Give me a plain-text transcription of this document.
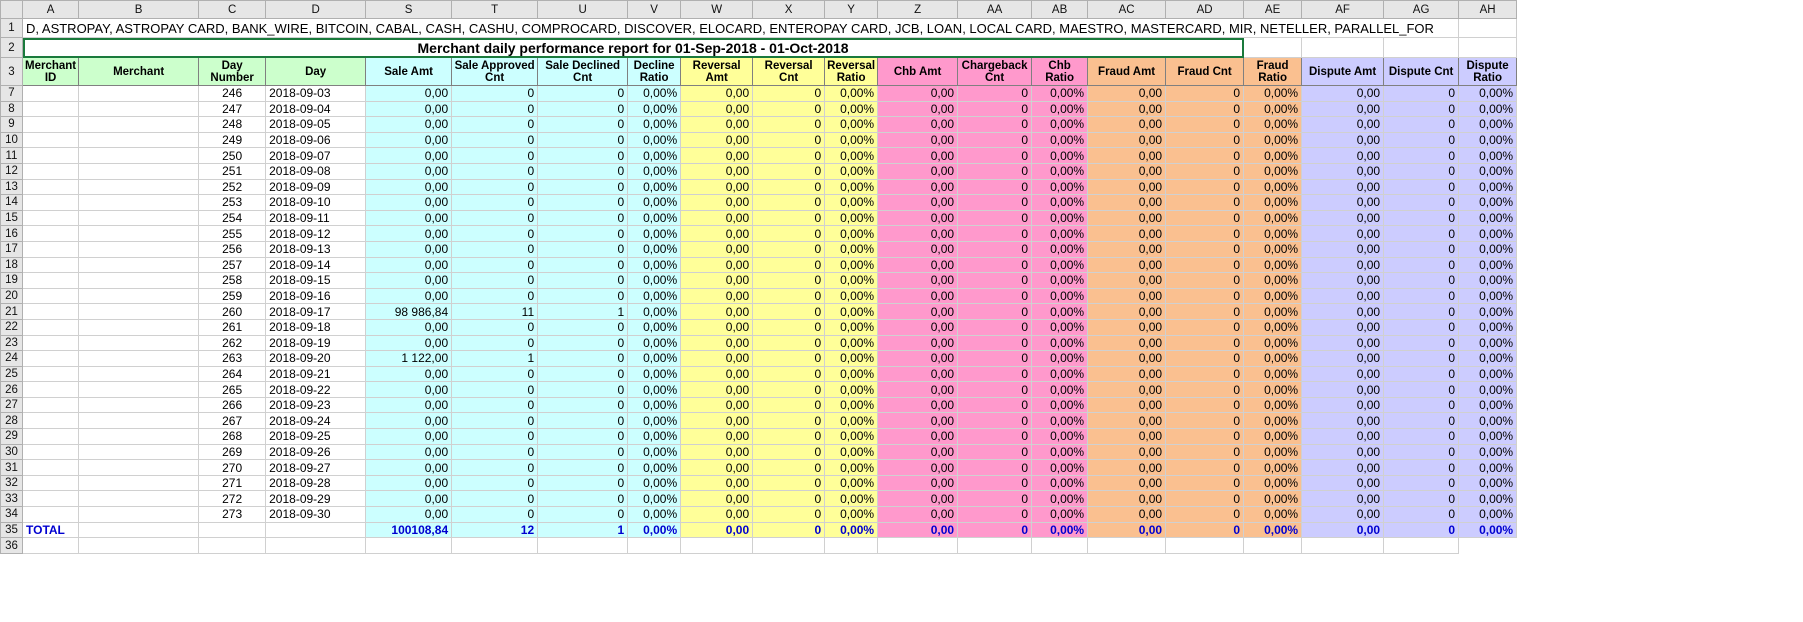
	A	B	C	D	S	T	U	V	W	X	Y	Z	AA	AB	AC	AD	AE	AF	AG	AH
1	D, ASTROPAY, ASTROPAY CARD, BANK_WIRE, BITCOIN, CABAL, CASH, CASHU, COMPROCARD, DISCOVER, ELOCARD, ENTEROPAY CARD, JCB, LOAN, LOCAL CARD, MAESTRO, MASTERCARD, MIR, NETELLER, PARALLEL_FOR																			
2	Merchant daily performance report for 01-Sep-2018 - 01-Oct-2018																			
3	Merchant ID	Merchant	Day Number	Day	Sale Amt	Sale Approved Cnt	Sale Declined Cnt	Decline Ratio	Reversal Amt	Reversal Cnt	Reversal Ratio	Chb Amt	Chargeback Cnt	Chb Ratio	Fraud Amt	Fraud Cnt	Fraud Ratio	Dispute Amt	Dispute Cnt	Dispute Ratio
7			246	2018-09-03	0,00	0	0	0,00%	0,00	0	0,00%	0,00	0	0,00%	0,00	0	0,00%	0,00	0	0,00%
8			247	2018-09-04	0,00	0	0	0,00%	0,00	0	0,00%	0,00	0	0,00%	0,00	0	0,00%	0,00	0	0,00%
9			248	2018-09-05	0,00	0	0	0,00%	0,00	0	0,00%	0,00	0	0,00%	0,00	0	0,00%	0,00	0	0,00%
10			249	2018-09-06	0,00	0	0	0,00%	0,00	0	0,00%	0,00	0	0,00%	0,00	0	0,00%	0,00	0	0,00%
11			250	2018-09-07	0,00	0	0	0,00%	0,00	0	0,00%	0,00	0	0,00%	0,00	0	0,00%	0,00	0	0,00%
12			251	2018-09-08	0,00	0	0	0,00%	0,00	0	0,00%	0,00	0	0,00%	0,00	0	0,00%	0,00	0	0,00%
13			252	2018-09-09	0,00	0	0	0,00%	0,00	0	0,00%	0,00	0	0,00%	0,00	0	0,00%	0,00	0	0,00%
14			253	2018-09-10	0,00	0	0	0,00%	0,00	0	0,00%	0,00	0	0,00%	0,00	0	0,00%	0,00	0	0,00%
15			254	2018-09-11	0,00	0	0	0,00%	0,00	0	0,00%	0,00	0	0,00%	0,00	0	0,00%	0,00	0	0,00%
16			255	2018-09-12	0,00	0	0	0,00%	0,00	0	0,00%	0,00	0	0,00%	0,00	0	0,00%	0,00	0	0,00%
17			256	2018-09-13	0,00	0	0	0,00%	0,00	0	0,00%	0,00	0	0,00%	0,00	0	0,00%	0,00	0	0,00%
18			257	2018-09-14	0,00	0	0	0,00%	0,00	0	0,00%	0,00	0	0,00%	0,00	0	0,00%	0,00	0	0,00%
19			258	2018-09-15	0,00	0	0	0,00%	0,00	0	0,00%	0,00	0	0,00%	0,00	0	0,00%	0,00	0	0,00%
20			259	2018-09-16	0,00	0	0	0,00%	0,00	0	0,00%	0,00	0	0,00%	0,00	0	0,00%	0,00	0	0,00%
21			260	2018-09-17	98 986,84	11	1	0,00%	0,00	0	0,00%	0,00	0	0,00%	0,00	0	0,00%	0,00	0	0,00%
22			261	2018-09-18	0,00	0	0	0,00%	0,00	0	0,00%	0,00	0	0,00%	0,00	0	0,00%	0,00	0	0,00%
23			262	2018-09-19	0,00	0	0	0,00%	0,00	0	0,00%	0,00	0	0,00%	0,00	0	0,00%	0,00	0	0,00%
24			263	2018-09-20	1 122,00	1	0	0,00%	0,00	0	0,00%	0,00	0	0,00%	0,00	0	0,00%	0,00	0	0,00%
25			264	2018-09-21	0,00	0	0	0,00%	0,00	0	0,00%	0,00	0	0,00%	0,00	0	0,00%	0,00	0	0,00%
26			265	2018-09-22	0,00	0	0	0,00%	0,00	0	0,00%	0,00	0	0,00%	0,00	0	0,00%	0,00	0	0,00%
27			266	2018-09-23	0,00	0	0	0,00%	0,00	0	0,00%	0,00	0	0,00%	0,00	0	0,00%	0,00	0	0,00%
28			267	2018-09-24	0,00	0	0	0,00%	0,00	0	0,00%	0,00	0	0,00%	0,00	0	0,00%	0,00	0	0,00%
29			268	2018-09-25	0,00	0	0	0,00%	0,00	0	0,00%	0,00	0	0,00%	0,00	0	0,00%	0,00	0	0,00%
30			269	2018-09-26	0,00	0	0	0,00%	0,00	0	0,00%	0,00	0	0,00%	0,00	0	0,00%	0,00	0	0,00%
31			270	2018-09-27	0,00	0	0	0,00%	0,00	0	0,00%	0,00	0	0,00%	0,00	0	0,00%	0,00	0	0,00%
32			271	2018-09-28	0,00	0	0	0,00%	0,00	0	0,00%	0,00	0	0,00%	0,00	0	0,00%	0,00	0	0,00%
33			272	2018-09-29	0,00	0	0	0,00%	0,00	0	0,00%	0,00	0	0,00%	0,00	0	0,00%	0,00	0	0,00%
34			273	2018-09-30	0,00	0	0	0,00%	0,00	0	0,00%	0,00	0	0,00%	0,00	0	0,00%	0,00	0	0,00%
35	TOTAL				100108,84	12	1	0,00%	0,00	0	0,00%	0,00	0	0,00%	0,00	0	0,00%	0,00	0	0,00%
36																				
